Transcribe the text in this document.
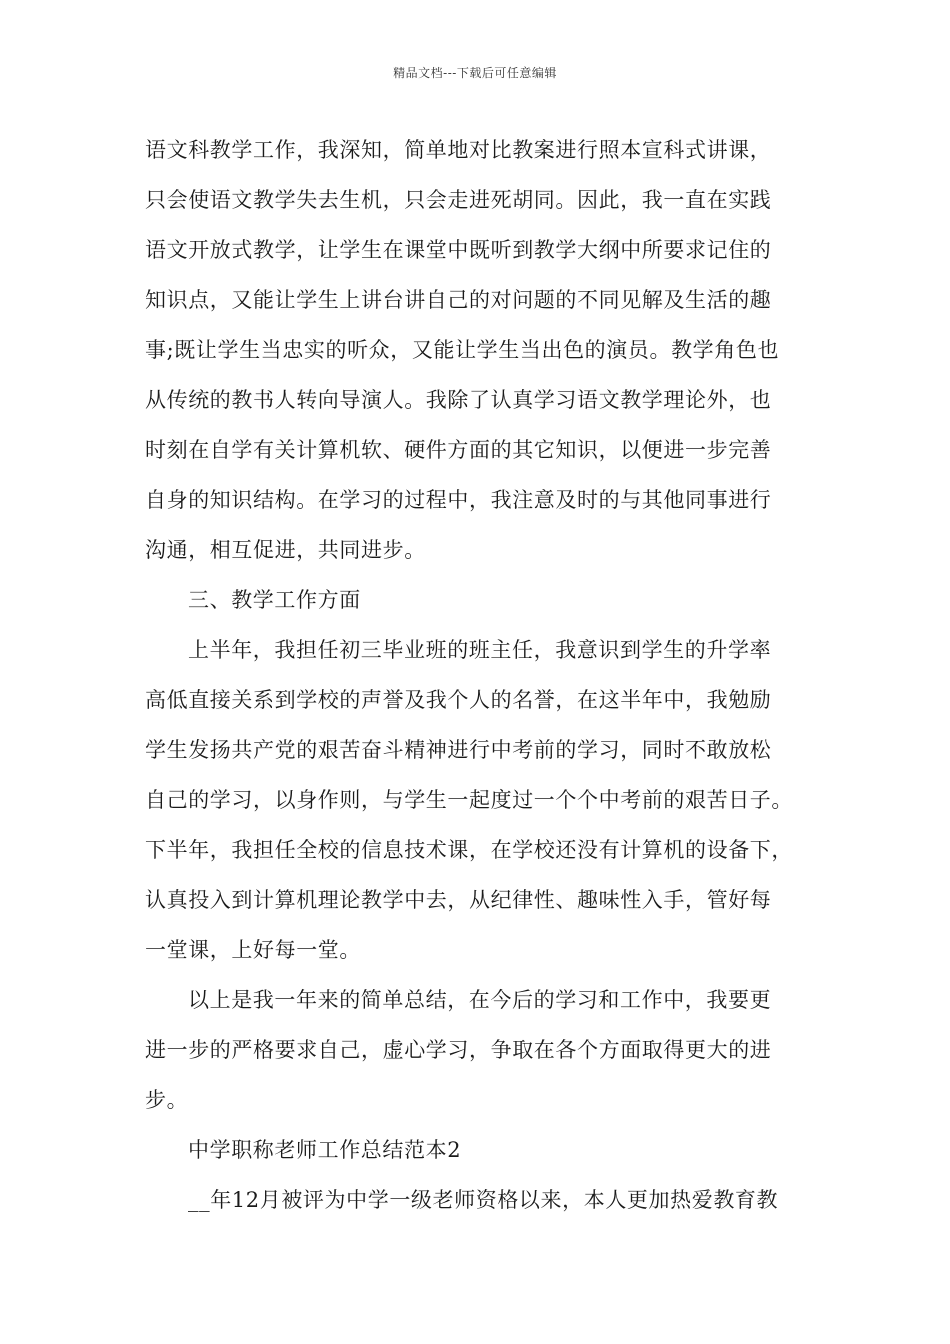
精品文档---下载后可任意编辑
语文科教学工作，我深知，简单地对比教案进行照本宣科式讲课，
只会使语文教学失去生机，只会走进死胡同。因此，我一直在实践
语文开放式教学，让学生在课堂中既听到教学大纲中所要求记住的
知识点，又能让学生上讲台讲自己的对问题的不同见解及生活的趣
事;既让学生当忠实的听众，又能让学生当出色的演员。教学角色也
从传统的教书人转向导演人。我除了认真学习语文教学理论外，也
时刻在自学有关计算机软、硬件方面的其它知识，以便进一步完善
自身的知识结构。在学习的过程中，我注意及时的与其他同事进行
沟通，相互促进，共同进步。
三、教学工作方面
上半年，我担任初三毕业班的班主任，我意识到学生的升学率
高低直接关系到学校的声誉及我个人的名誉，在这半年中，我勉励
学生发扬共产党的艰苦奋斗精神进行中考前的学习，同时不敢放松
自己的学习，以身作则，与学生一起度过一个个中考前的艰苦日子。
下半年，我担任全校的信息技术课，在学校还没有计算机的设备下，
认真投入到计算机理论教学中去，从纪律性、趣味性入手，管好每
一堂课，上好每一堂。
以上是我一年来的简单总结，在今后的学习和工作中，我要更
进一步的严格要求自己，虚心学习，争取在各个方面取得更大的进
步。
中学职称老师工作总结范本2
__年12月被评为中学一级老师资格以来，本人更加热爱教育教
